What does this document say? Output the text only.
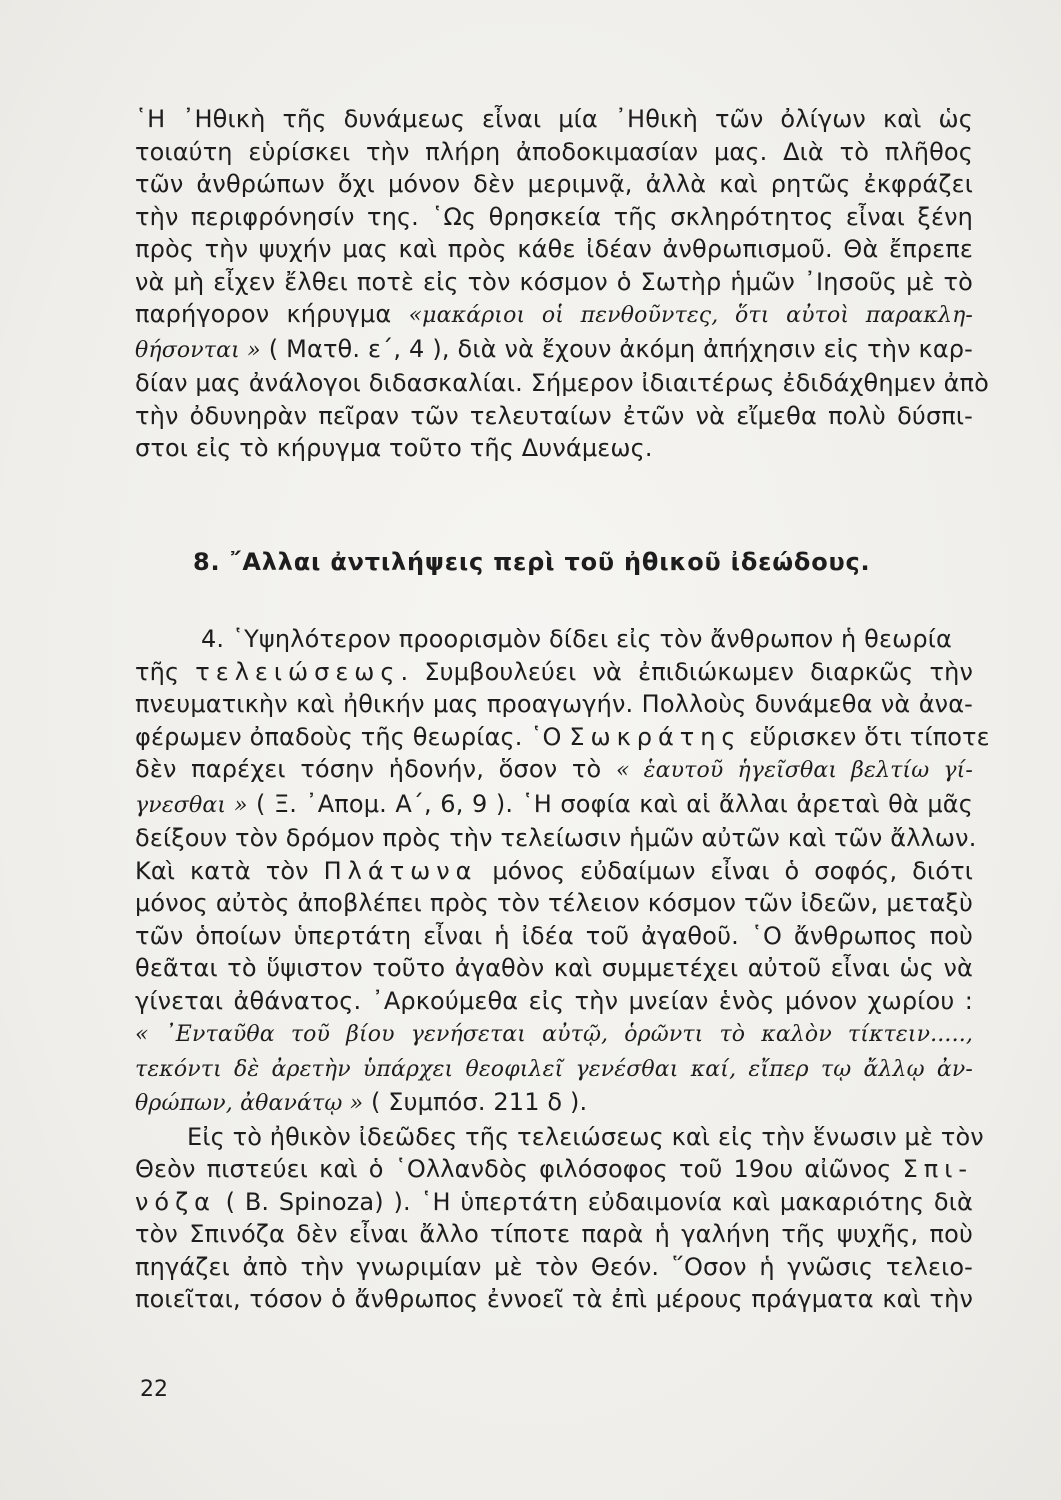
῾Η ᾿Ηθικὴ τῆς δυνάμεως εἶναι μία ᾿Ηθικὴ τῶν ὀλίγων καὶ ὡς
τοιαύτη εὑρίσκει τὴν πλήρη ἀποδοκιμασίαν μας. Διὰ τὸ πλῆθος
τῶν ἀνθρώπων ὄχι μόνον δὲν μεριμνᾷ, ἀλλὰ καὶ ρητῶς ἐκφράζει
τὴν περιφρόνησίν της. ῾Ως θρησκεία τῆς σκληρότητος εἶναι ξένη
πρὸς τὴν ψυχήν μας καὶ πρὸς κάθε ἰδέαν ἀνθρωπισμοῦ. Θὰ ἔπρεπε
νὰ μὴ εἶχεν ἔλθει ποτὲ εἰς τὸν κόσμον ὁ Σωτὴρ ἡμῶν ᾿Ιησοῦς μὲ τὸ
παρήγορον κήρυγμα «μακάριοι οἱ πενθοῦντες, ὅτι αὐτοὶ παρακλη-
θήσονται » ( Ματθ. ε΄, 4 ), διὰ νὰ ἔχουν ἀκόμη ἀπήχησιν εἰς τὴν καρ-
δίαν μας ἀνάλογοι διδασκαλίαι. Σήμερον ἰδιαιτέρως ἐδιδάχθημεν ἀπὸ
τὴν ὀδυνηρὰν πεῖραν τῶν τελευταίων ἐτῶν νὰ εἴμεθα πολὺ δύσπι-
στοι εἰς τὸ κήρυγμα τοῦτο τῆς Δυνάμεως.
8. ῎Αλλαι ἀντιλήψεις περὶ τοῦ ἠθικοῦ ἰδεώδους.
4. ῾Υψηλότερον προορισμὸν δίδει εἰς τὸν ἄνθρωπον ἡ θεωρία
τῆς τελειώσεως. Συμβουλεύει νὰ ἐπιδιώκωμεν διαρκῶς τὴν
πνευματικὴν καὶ ἠθικήν μας προαγωγήν. Πολλοὺς δυνάμεθα νὰ ἀνα-
φέρωμεν ὀπαδοὺς τῆς θεωρίας. ῾Ο Σωκράτης εὕρισκεν ὅτι τίποτε
δὲν παρέχει τόσην ἡδονήν, ὅσον τὸ « ἑαυτοῦ ἡγεῖσθαι βελτίω γί-
γνεσθαι » ( Ξ. ᾿Απομ. Α΄, 6, 9 ). ῾Η σοφία καὶ αἱ ἄλλαι ἀρεταὶ θὰ μᾶς
δείξουν τὸν δρόμον πρὸς τὴν τελείωσιν ἡμῶν αὐτῶν καὶ τῶν ἄλλων.
Καὶ κατὰ τὸν Πλάτωνα μόνος εὐδαίμων εἶναι ὁ σοφός, διότι
μόνος αὐτὸς ἀποβλέπει πρὸς τὸν τέλειον κόσμον τῶν ἰδεῶν, μεταξὺ
τῶν ὁποίων ὑπερτάτη εἶναι ἡ ἰδέα τοῦ ἀγαθοῦ. ῾Ο ἄνθρωπος ποὺ
θεᾶται τὸ ὕψιστον τοῦτο ἀγαθὸν καὶ συμμετέχει αὐτοῦ εἶναι ὡς νὰ
γίνεται ἀθάνατος. ᾿Αρκούμεθα εἰς τὴν μνείαν ἑνὸς μόνον χωρίου :
« ᾿Ενταῦθα τοῦ βίου γενήσεται αὐτῷ, ὁρῶντι τὸ καλὸν τίκτειν.....,
τεκόντι δὲ ἀρετὴν ὑπάρχει θεοφιλεῖ γενέσθαι καί, εἴπερ τῳ ἄλλῳ ἀν-
θρώπων, ἀθανάτῳ » ( Συμπόσ. 211 δ ).
Εἰς τὸ ἠθικὸν ἰδεῶδες τῆς τελειώσεως καὶ εἰς τὴν ἕνωσιν μὲ τὸν
Θεὸν πιστεύει καὶ ὁ ῾Ολλανδὸς φιλόσοφος τοῦ 19ου αἰῶνος Σπι-
νόζα ( B. Spinoza) ). ῾Η ὑπερτάτη εὐδαιμονία καὶ μακαριότης διὰ
τὸν Σπινόζα δὲν εἶναι ἄλλο τίποτε παρὰ ἡ γαλήνη τῆς ψυχῆς, ποὺ
πηγάζει ἀπὸ τὴν γνωριμίαν μὲ τὸν Θεόν. ῞Οσον ἡ γνῶσις τελειο-
ποιεῖται, τόσον ὁ ἄνθρωπος ἐννοεῖ τὰ ἐπὶ μέρους πράγματα καὶ τὴν
22
